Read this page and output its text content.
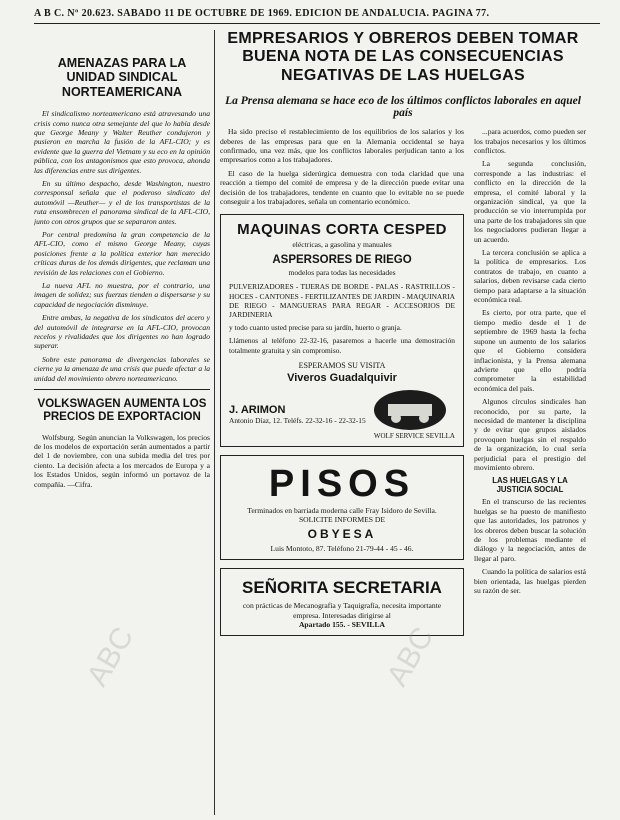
A B C. Nº 20.623. SABADO 11 DE OCTUBRE DE 1969. EDICION DE ANDALUCIA. PAGINA 77.
AMENAZAS PARA LA UNIDAD SINDICAL NORTEAMERICANA

El sindicalismo norteamericano está atravesando una crisis como nunca otra semejante del que lo había desde que George Meany y Walter Reuther condujeron y pusieron en marcha la fusión de la AFL-CIO; y es evidente que la guerra del Vietnam y su eco en la opinión pública, con los antagonismos que esto provoca, ahonda las diferencias entre sus dirigentes.

En su último despacho, desde Washington, nuestro corresponsal señala que el poderoso sindicato del automóvil —Reuther— y el de los transportistas de la ruta ensombrecen el panorama sindical de la AFL-CIO, junto con otros grupos que se separaron antes.

Por central predomina la gran competencia de la AFL-CIO, como el mismo George Meany, cuyas posiciones frente a la política exterior han merecido críticas duras de los demás dirigentes, que reclaman una revisión de las relaciones con el Gobierno.

La nueva AFL no muestra, por el contrario, una imagen de solidez; sus fuerzas tienden a dispersarse y su capacidad de negociación disminuye.

Entre ambas, la negativa de los sindicatos del acero y del automóvil de integrarse en la AFL-CIO, provocan recelos y rivalidades que los dirigentes no han logrado superar.

Sobre este panorama de divergencias laborales se cierne ya la amenaza de una crisis que puede afectar a la unidad del movimiento obrero norteamericano.

VOLKSWAGEN AUMENTA LOS PRECIOS DE EXPORTACION

Wolfsburg. Según anuncian la Volkswagen, los precios de los modelos de exportación serán aumentados a partir del 1 de noviembre, con una subida media del tres por ciento. La decisión afecta a los mercados de Europa y a los Estados Unidos, según informó un portavoz de la compañía. —Cifra.

EMPRESARIOS Y OBREROS DEBEN TOMAR BUENA NOTA DE LAS CONSECUENCIAS NEGATIVAS DE LAS HUELGAS
La Prensa alemana se hace eco de los últimos conflictos laborales en aquel país

Ha sido preciso el restablecimiento de los equilibrios de los salarios y los deberes de las empresas para que en la Alemania occidental se haya confirmado, una vez más, que los conflictos laborales perjudican tanto a los empresarios como a los trabajadores.

El caso de la huelga siderúrgica demuestra con toda claridad que una reacción a tiempo del comité de empresa y de la dirección puede evitar una decisión de los trabajadores, tendente en cuanto que lo evitable no se puede conseguir a los trabajadores, señala un comentario económico.

MAQUINAS CORTA CESPED
eléctricas, a gasolina y manuales
ASPERSORES DE RIEGO
modelos para todas las necesidades
PULVERIZADORES - TIJERAS DE BORDE - PALAS - RASTRILLOS - HOCES - CANTONES - FERTILIZANTES DE JARDIN - MAQUINARIA DE RIEGO - MANGUERAS PARA REGAR - ACCESORIOS DE JARDINERIA
y todo cuanto usted precise para su jardín, huerto o granja.
Llámenos al teléfono 22-32-16, pasaremos a hacerle una demostración totalmente gratuita y sin compromiso.
ESPERAMOS SU VISITA
Viveros Guadalquivir
J. ARIMON
Antonio Díaz, 12. Teléfs. 22-32-16 - 22-32-15
WOLF SERVICE SEVILLA
PISOS
Terminados en barriada moderna calle Fray Isidoro de Sevilla.
SOLICITE INFORMES DE
OBYESA
Luis Montoto, 87. Teléfono 21-79-44 - 45 - 46.
SEÑORITA SECRETARIA
con prácticas de Mecanografía y Taquigrafía, necesita importante empresa. Interesadas dirigirse al
Apartado 155. - SEVILLA

...para acuerdos, como pueden ser los trabajos necesarios y los últimos conflictos.

La segunda conclusión, corresponde a las industrias: el conflicto en la dirección de la empresa, el comité laboral y la organización sindical, ya que la producción se vio interrumpida por una parte de los trabajadores sin que los negociadores pudieran llegar a un acuerdo.

La tercera conclusión se aplica a la política de empresarios. Los contratos de trabajo, en cuanto a salarios, deben revisarse cada cierto tiempo para adaptarse a la situación económica real.

Es cierto, por otra parte, que el tiempo medio desde el 1 de septiembre de 1969 hasta la fecha supone un aumento de los salarios que el Gobierno considera inflacionista, y la Prensa alemana advierte que ello podría comprometer la estabilidad económica del país.

Algunos círculos sindicales han reconocido, por su parte, la necesidad de mantener la disciplina y de evitar que grupos aislados provoquen huelgas sin el respaldo de la organización, lo cual sería perjudicial para el prestigio del movimiento obrero.

LAS HUELGAS Y LA JUSTICIA SOCIAL

En el transcurso de las recientes huelgas se ha puesto de manifiesto que las autoridades, los patronos y los obreros deben buscar la solución de los problemas mediante el diálogo y la negociación, antes de llegar al paro.

Cuando la política de salarios está bien orientada, las huelgas pierden su razón de ser.

ABC	ABC
